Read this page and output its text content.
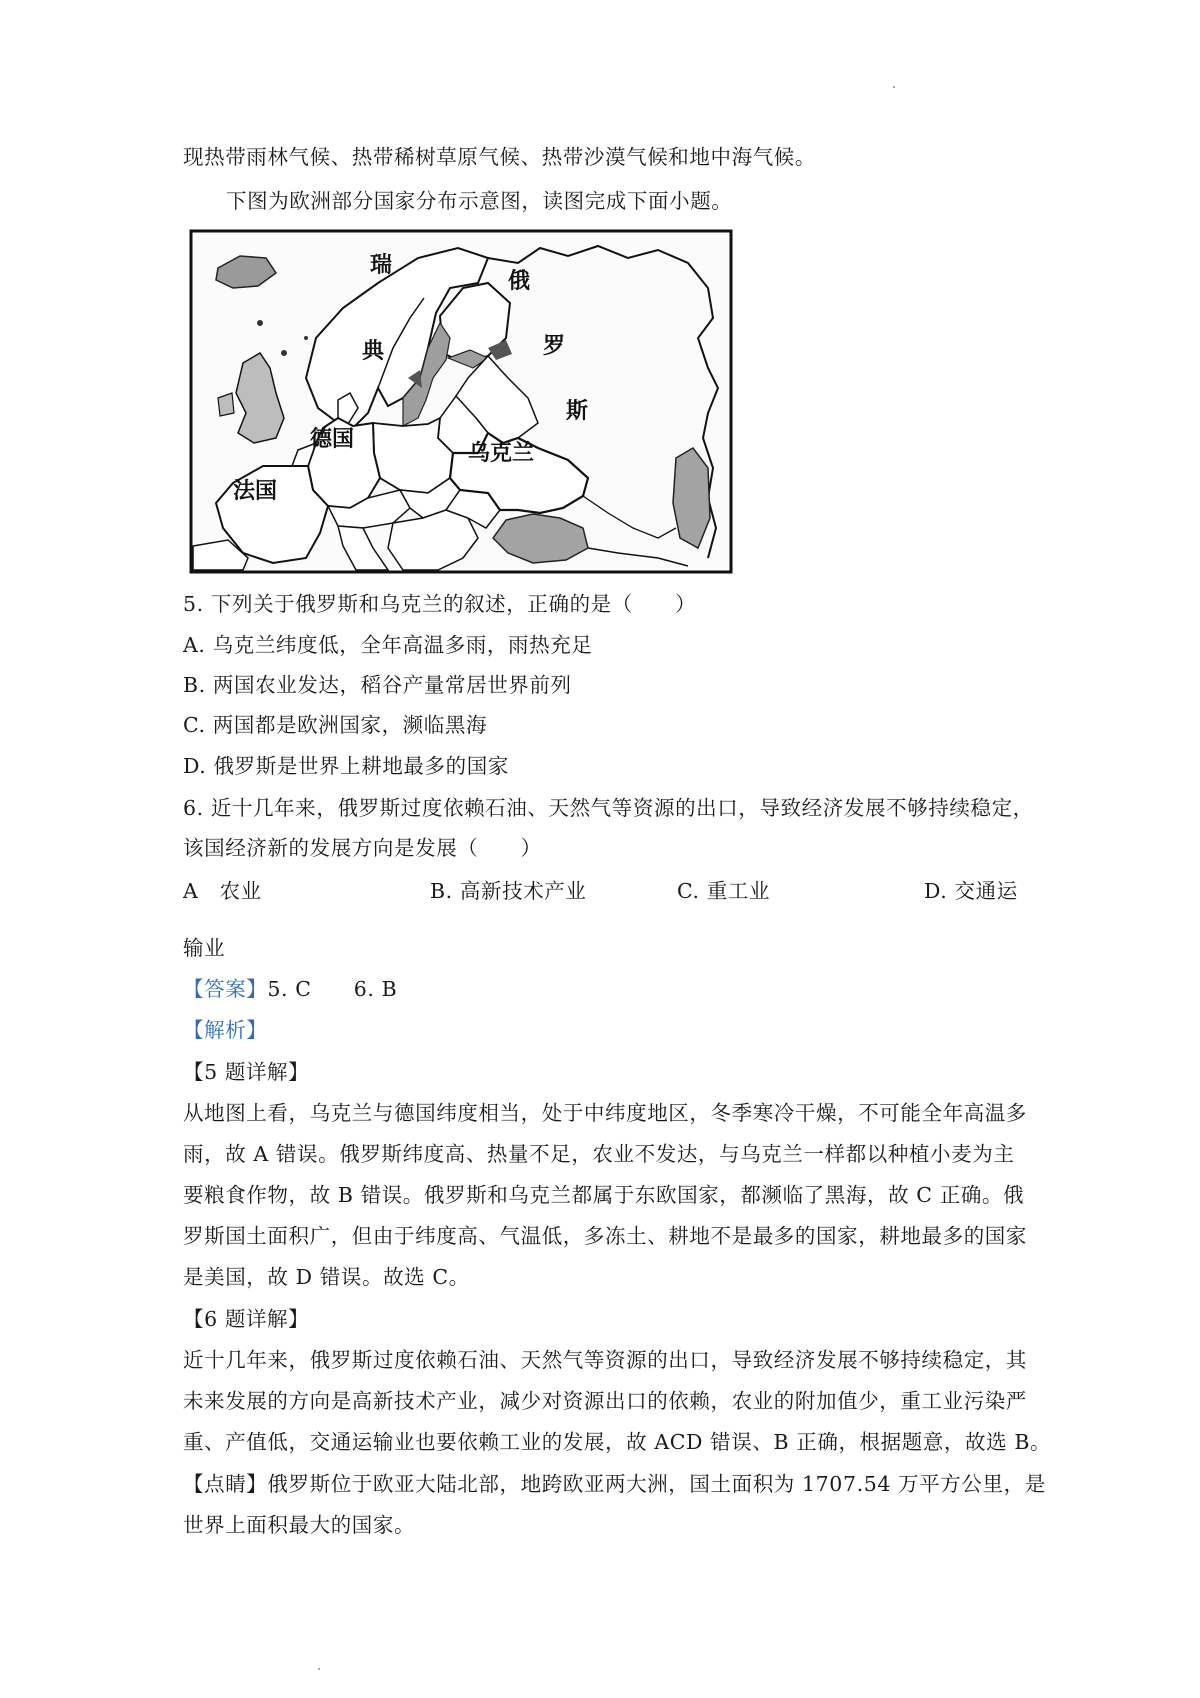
现热带雨林气候、热带稀树草原气候、热带沙漠气候和地中海气候。
下图为欧洲部分国家分布示意图，读图完成下面小题。
瑞
典
俄
罗
斯
德国
乌克兰
法国
5. 下列关于俄罗斯和乌克兰的叙述，正确的是（　　）
A. 乌克兰纬度低，全年高温多雨，雨热充足
B. 两国农业发达，稻谷产量常居世界前列
C. 两国都是欧洲国家，濒临黑海
D. 俄罗斯是世界上耕地最多的国家
6. 近十几年来，俄罗斯过度依赖石油、天然气等资源的出口，导致经济发展不够持续稳定，
该国经济新的发展方向是发展（　　）
A　农业	B. 高新技术产业	C. 重工业	D. 交通运
输业
【答案】5. C　　6. B
【解析】
【5 题详解】
从地图上看，乌克兰与德国纬度相当，处于中纬度地区，冬季寒冷干燥，不可能全年高温多
雨，故 A 错误。俄罗斯纬度高、热量不足，农业不发达，与乌克兰一样都以种植小麦为主
要粮食作物，故 B 错误。俄罗斯和乌克兰都属于东欧国家，都濒临了黑海，故 C 正确。俄
罗斯国土面积广，但由于纬度高、气温低，多冻土、耕地不是最多的国家，耕地最多的国家
是美国，故 D 错误。故选 C。
【6 题详解】
近十几年来，俄罗斯过度依赖石油、天然气等资源的出口，导致经济发展不够持续稳定，其
未来发展的方向是高新技术产业，减少对资源出口的依赖，农业的附加值少，重工业污染严
重、产值低，交通运输业也要依赖工业的发展，故 ACD 错误、B 正确，根据题意，故选 B。
【点睛】俄罗斯位于欧亚大陆北部，地跨欧亚两大洲，国土面积为 1707.54 万平方公里，是
世界上面积最大的国家。
